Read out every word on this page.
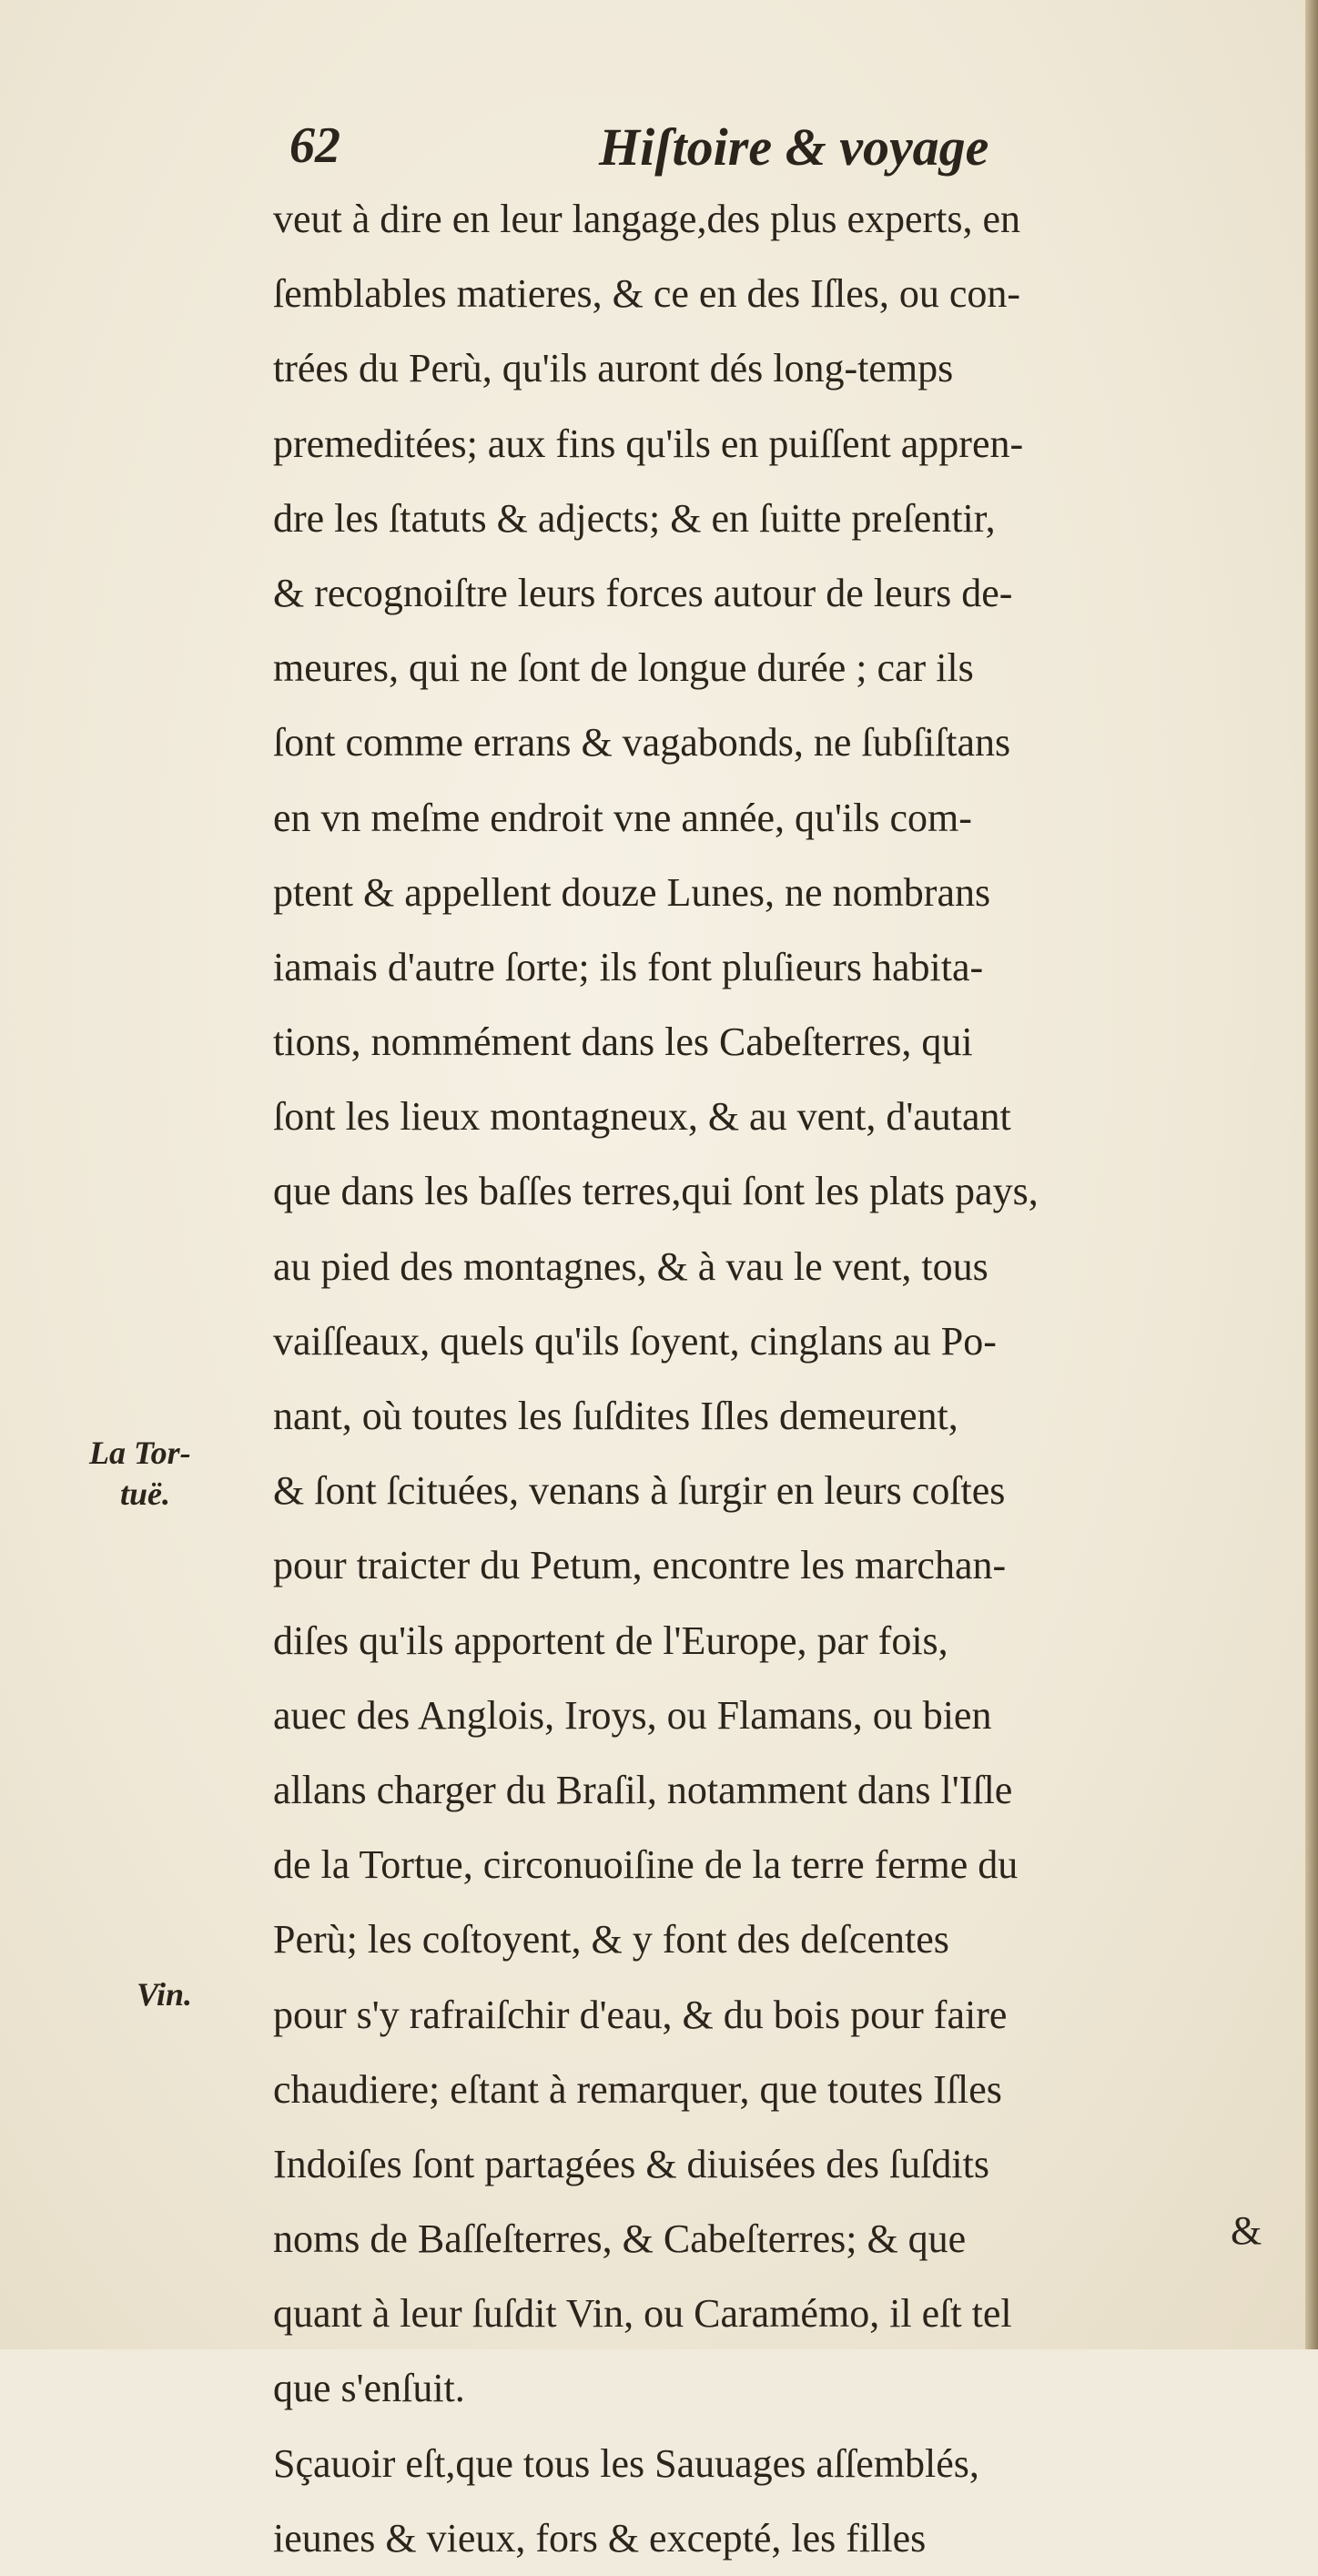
62	Hiſtoire & voyage
La Tor-
tuë.
Vin.
veut à dire en leur langage,des plus experts, en
ſemblables matieres, & ce en des Iſles, ou con-
trées du Perù, qu'ils auront dés long-temps
premeditées; aux fins qu'ils en puiſſent appren-
dre les ſtatuts & adjects; & en ſuitte preſentir,
& recognoiſtre leurs forces autour de leurs de-
meures, qui ne ſont de longue durée ; car ils
ſont comme errans & vagabonds, ne ſubſiſtans
en vn meſme endroit vne année, qu'ils com-
ptent & appellent douze Lunes, ne nombrans
iamais d'autre ſorte; ils font pluſieurs habita-
tions, nommément dans les Cabeſterres, qui
ſont les lieux montagneux, & au vent, d'autant
que dans les baſſes terres,qui ſont les plats pays,
au pied des montagnes, & à vau le vent, tous
vaiſſeaux, quels qu'ils ſoyent, cinglans au Po-
nant, où toutes les ſuſdites Iſles demeurent,
& ſont ſcituées, venans à ſurgir en leurs coſtes
pour traicter du Petum, encontre les marchan-
diſes qu'ils apportent de l'Europe, par fois,
auec des Anglois, Iroys, ou Flamans, ou bien
allans charger du Braſil, notamment dans l'Iſle
de la Tortue, circonuoiſine de la terre ferme du
Perù; les coſtoyent, & y font des deſcentes
pour s'y rafraiſchir d'eau, & du bois pour faire
chaudiere; eſtant à remarquer, que toutes Iſles
Indoiſes ſont partagées & diuisées des ſuſdits
noms de Baſſeſterres, & Cabeſterres; & que
quant à leur ſuſdit Vin, ou Caramémo, il eſt tel
que s'enſuit.
Sçauoir eſt,que tous les Sauuages aſſemblés,
ieunes & vieux, fors & excepté, les filles
&
